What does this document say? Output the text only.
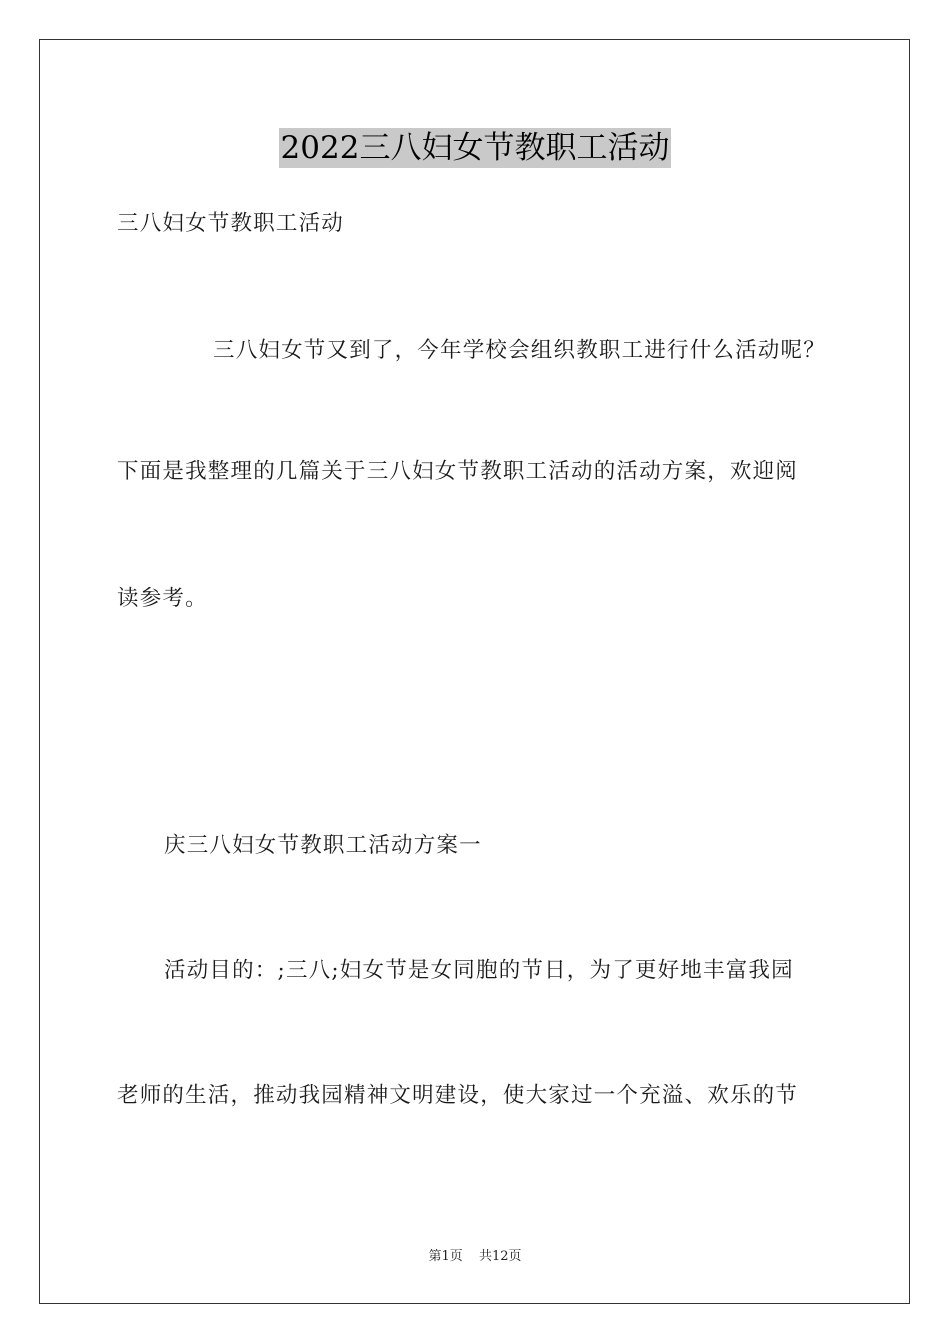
2022三八妇女节教职工活动
三八妇女节教职工活动
三八妇女节又到了，今年学校会组织教职工进行什么活动呢？
下面是我整理的几篇关于三八妇女节教职工活动的活动方案，欢迎阅
读参考。
庆三八妇女节教职工活动方案一
活动目的：;三八;妇女节是女同胞的节日，为了更好地丰富我园
老师的生活，推动我园精神文明建设，使大家过一个充溢、欢乐的节
第1页 共12页
